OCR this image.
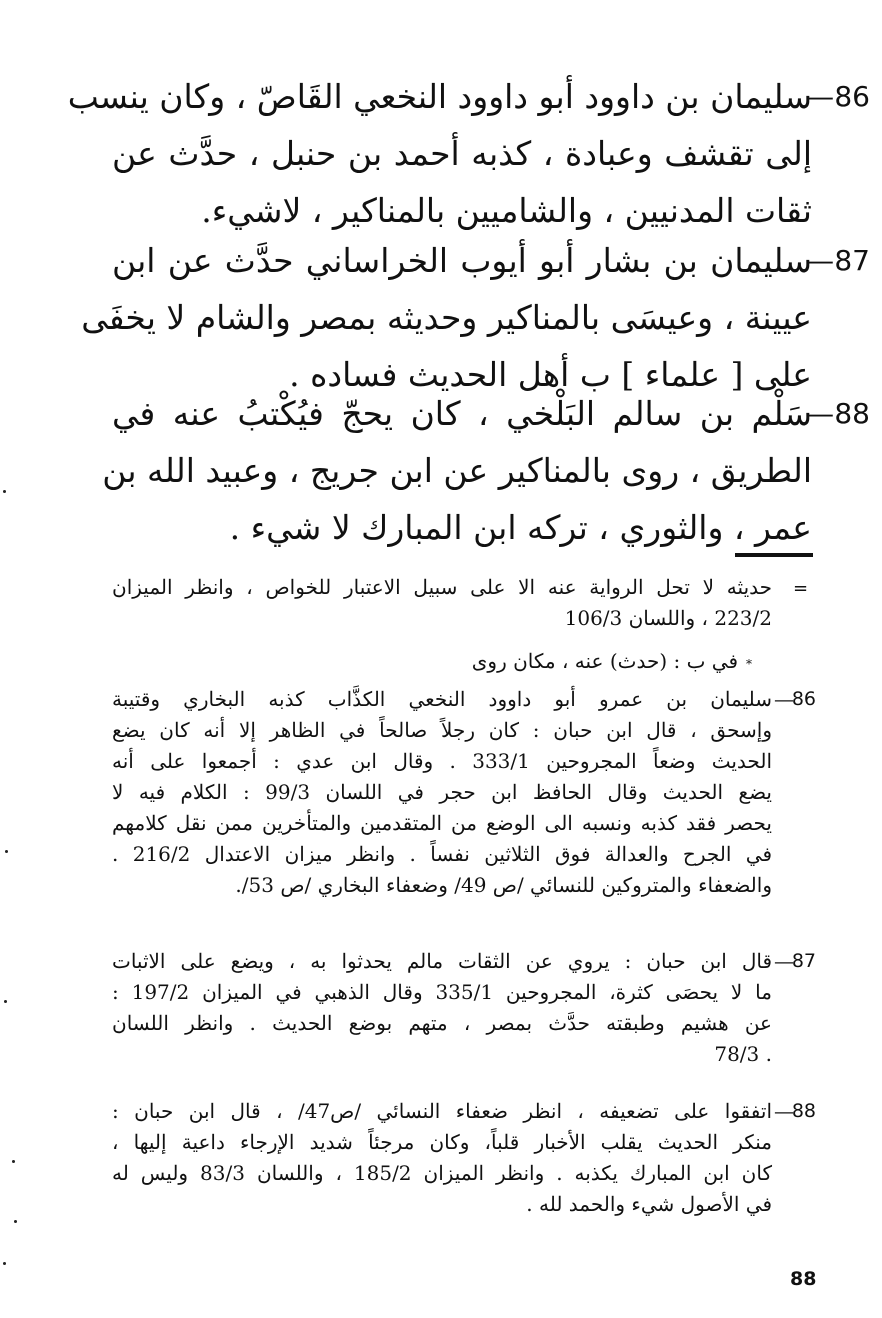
86
—
سليمان بن داوود أبو داوود النخعي القَاصّ ، وكان ينسب
إلى تقشف وعبادة ، كذبه أحمد بن حنبل ، حدَّث عن
ثقات المدنيين ، والشاميين بالمناكير ، لاشيء.
87
—
سليمان بن بشار أبو أيوب الخراساني حدَّث عن ابن
عيينة ، وعيسَى بالمناكير وحديثه بمصر والشام لا يخفَى
على [ علماء ] ب أهل الحديث فساده .
88
—
سَلْم بن سالم البَلْخي ، كان يحجّ فيُكْتبُ عنه في
الطريق ، روى بالمناكير عن ابن جريج ، وعبيد الله بن
عمر ، والثوري ، تركه ابن المبارك لا شيء .
=
حديثه لا تحل الرواية عنه الا على سبيل الاعتبار للخواص ، وانظر الميزان
223/2 ، واللسان 106/3
*في ب : (حدث) عنه ، مكان روى
86
—
سليمان بن عمرو أبو داوود النخعي الكذَّاب كذبه البخاري وقتيبة
وإسحق ، قال ابن حبان : كان رجلاً صالحاً في الظاهر إلا أنه كان يضع
الحديث وضعاً المجروحين 333/1 . وقال ابن عدي : أجمعوا على أنه
يضع الحديث وقال الحافظ ابن حجر في اللسان 99/3 : الكلام فيه لا
يحصر فقد كذبه ونسبه الى الوضع من المتقدمين والمتأخرين ممن نقل كلامهم
في الجرح والعدالة فوق الثلاثين نفساً . وانظر ميزان الاعتدال 216/2 .
والضعفاء والمتروكين للنسائي /ص 49/ وضعفاء البخاري /ص 53/.
87
—
قال ابن حبان : يروي عن الثقات مالم يحدثوا به ، ويضع على الاثبات
ما لا يحصَى كثرة، المجروحين 335/1 وقال الذهبي في الميزان 197/2 :
عن هشيم وطبقته حدَّث بمصر ، متهم بوضع الحديث . وانظر اللسان
. 78/3
88
—
اتفقوا على تضعيفه ، انظر ضعفاء النسائي /ص47/ ، قال ابن حبان :
منكر الحديث يقلب الأخبار قلباً، وكان مرجئاً شديد الإرجاء داعية إليها ،
كان ابن المبارك يكذبه . وانظر الميزان 185/2 ، واللسان 83/3 وليس له
في الأصول شيء والحمد لله .
88
